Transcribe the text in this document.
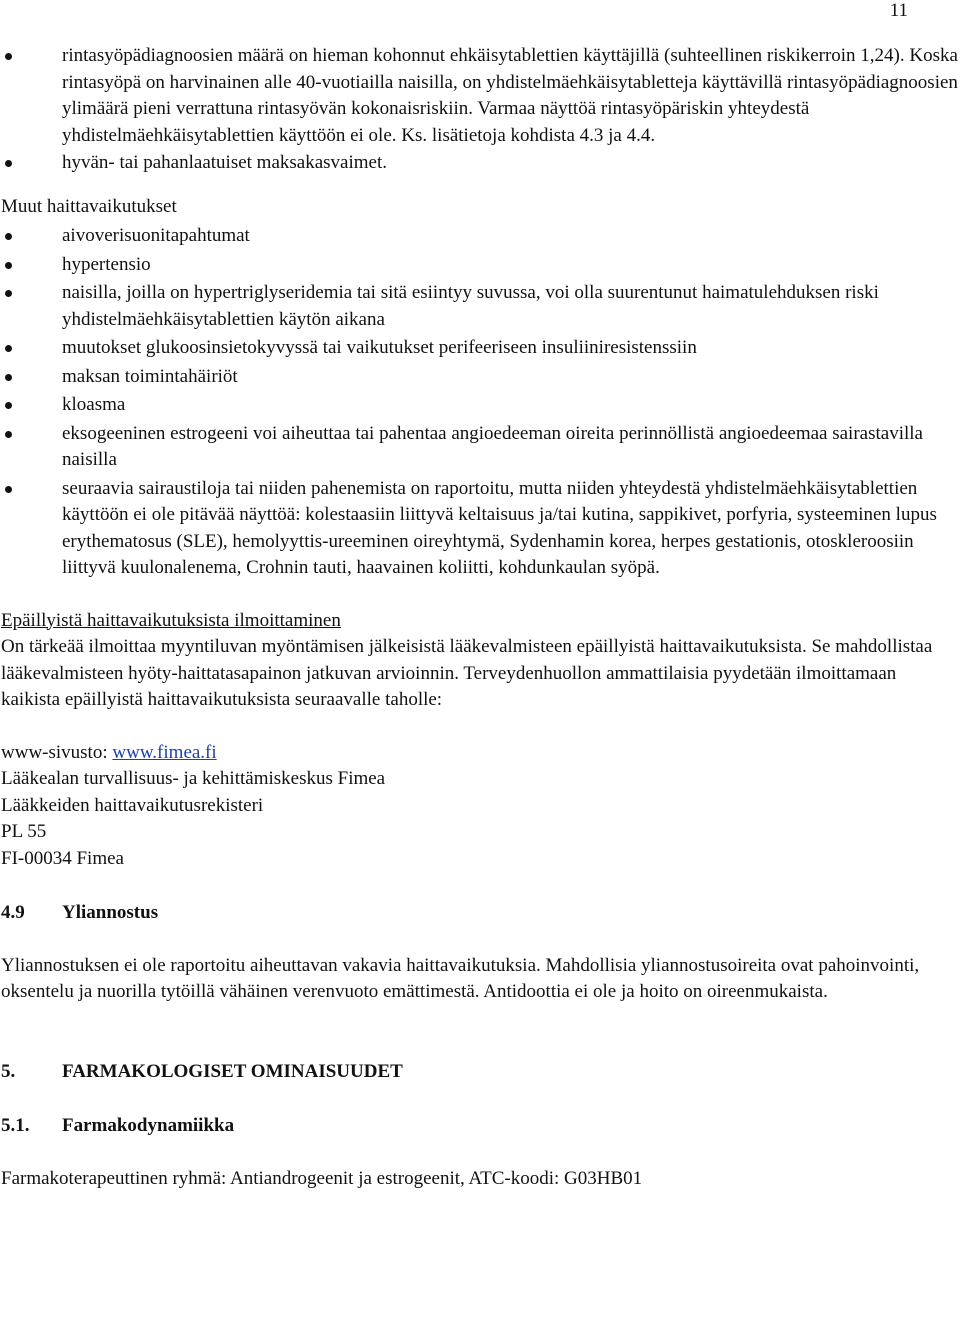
11
rintasyöpädiagnoosien määrä on hieman kohonnut ehkäisytablettien käyttäjillä (suhteellinen riskikerroin 1,24). Koska rintasyöpä on harvinainen alle 40-vuotiailla naisilla, on yhdistelmäehkäisytabletteja käyttävillä rintasyöpädiagnoosien ylimäärä pieni verrattuna rintasyövän kokonaisriskiin. Varmaa näyttöä rintasyöpäriskin yhteydestä yhdistelmäehkäisytablettien käyttöön ei ole. Ks. lisätietoja kohdista 4.3 ja 4.4.
hyvän- tai pahanlaatuiset maksakasvaimet.

Muut haittavaikutukset

aivoverisuonitapahtumat
hypertensio
naisilla, joilla on hypertriglyseridemia tai sitä esiintyy suvussa, voi olla suurentunut haimatulehduksen riski yhdistelmäehkäisytablettien käytön aikana
muutokset glukoosinsietokyvyssä tai vaikutukset perifeeriseen insuliiniresistenssiin
maksan toimintahäiriöt
kloasma
eksogeeninen estrogeeni voi aiheuttaa tai pahentaa angioedeeman oireita perinnöllistä angioedeemaa sairastavilla naisilla
seuraavia sairaustiloja tai niiden pahenemista on raportoitu, mutta niiden yhteydestä yhdistelmäehkäisytablettien käyttöön ei ole pitävää näyttöä: kolestaasiin liittyvä keltaisuus ja/tai kutina, sappikivet, porfyria, systeeminen lupus erythematosus (SLE), hemolyyttis-ureeminen oireyhtymä, Sydenhamin korea, herpes gestationis, otoskleroosiin liittyvä kuulonalenema, Crohnin tauti, haavainen koliitti, kohdunkaulan syöpä.

Epäillyistä haittavaikutuksista ilmoittaminen

On tärkeää ilmoittaa myyntiluvan myöntämisen jälkeisistä lääkevalmisteen epäillyistä haittavaikutuksista. Se mahdollistaa lääkevalmisteen hyöty-haittatasapainon jatkuvan arvioinnin. Terveydenhuollon ammattilaisia pyydetään ilmoittamaan kaikista epäillyistä haittavaikutuksista seuraavalle taholle:

www-sivusto: www.fimea.fi

Lääkealan turvallisuus- ja kehittämiskeskus Fimea

Lääkkeiden haittavaikutusrekisteri

PL 55

FI-00034 Fimea

4.9	Yliannostus

Yliannostuksen ei ole raportoitu aiheuttavan vakavia haittavaikutuksia. Mahdollisia yliannostusoireita ovat pahoinvointi, oksentelu ja nuorilla tytöillä vähäinen verenvuoto emättimestä. Antidoottia ei ole ja hoito on oireenmukaista.

5.	FARMAKOLOGISET OMINAISUUDET
5.1.	Farmakodynamiikka

Farmakoterapeuttinen ryhmä: Antiandrogeenit ja estrogeenit, ATC-koodi: G03HB01
